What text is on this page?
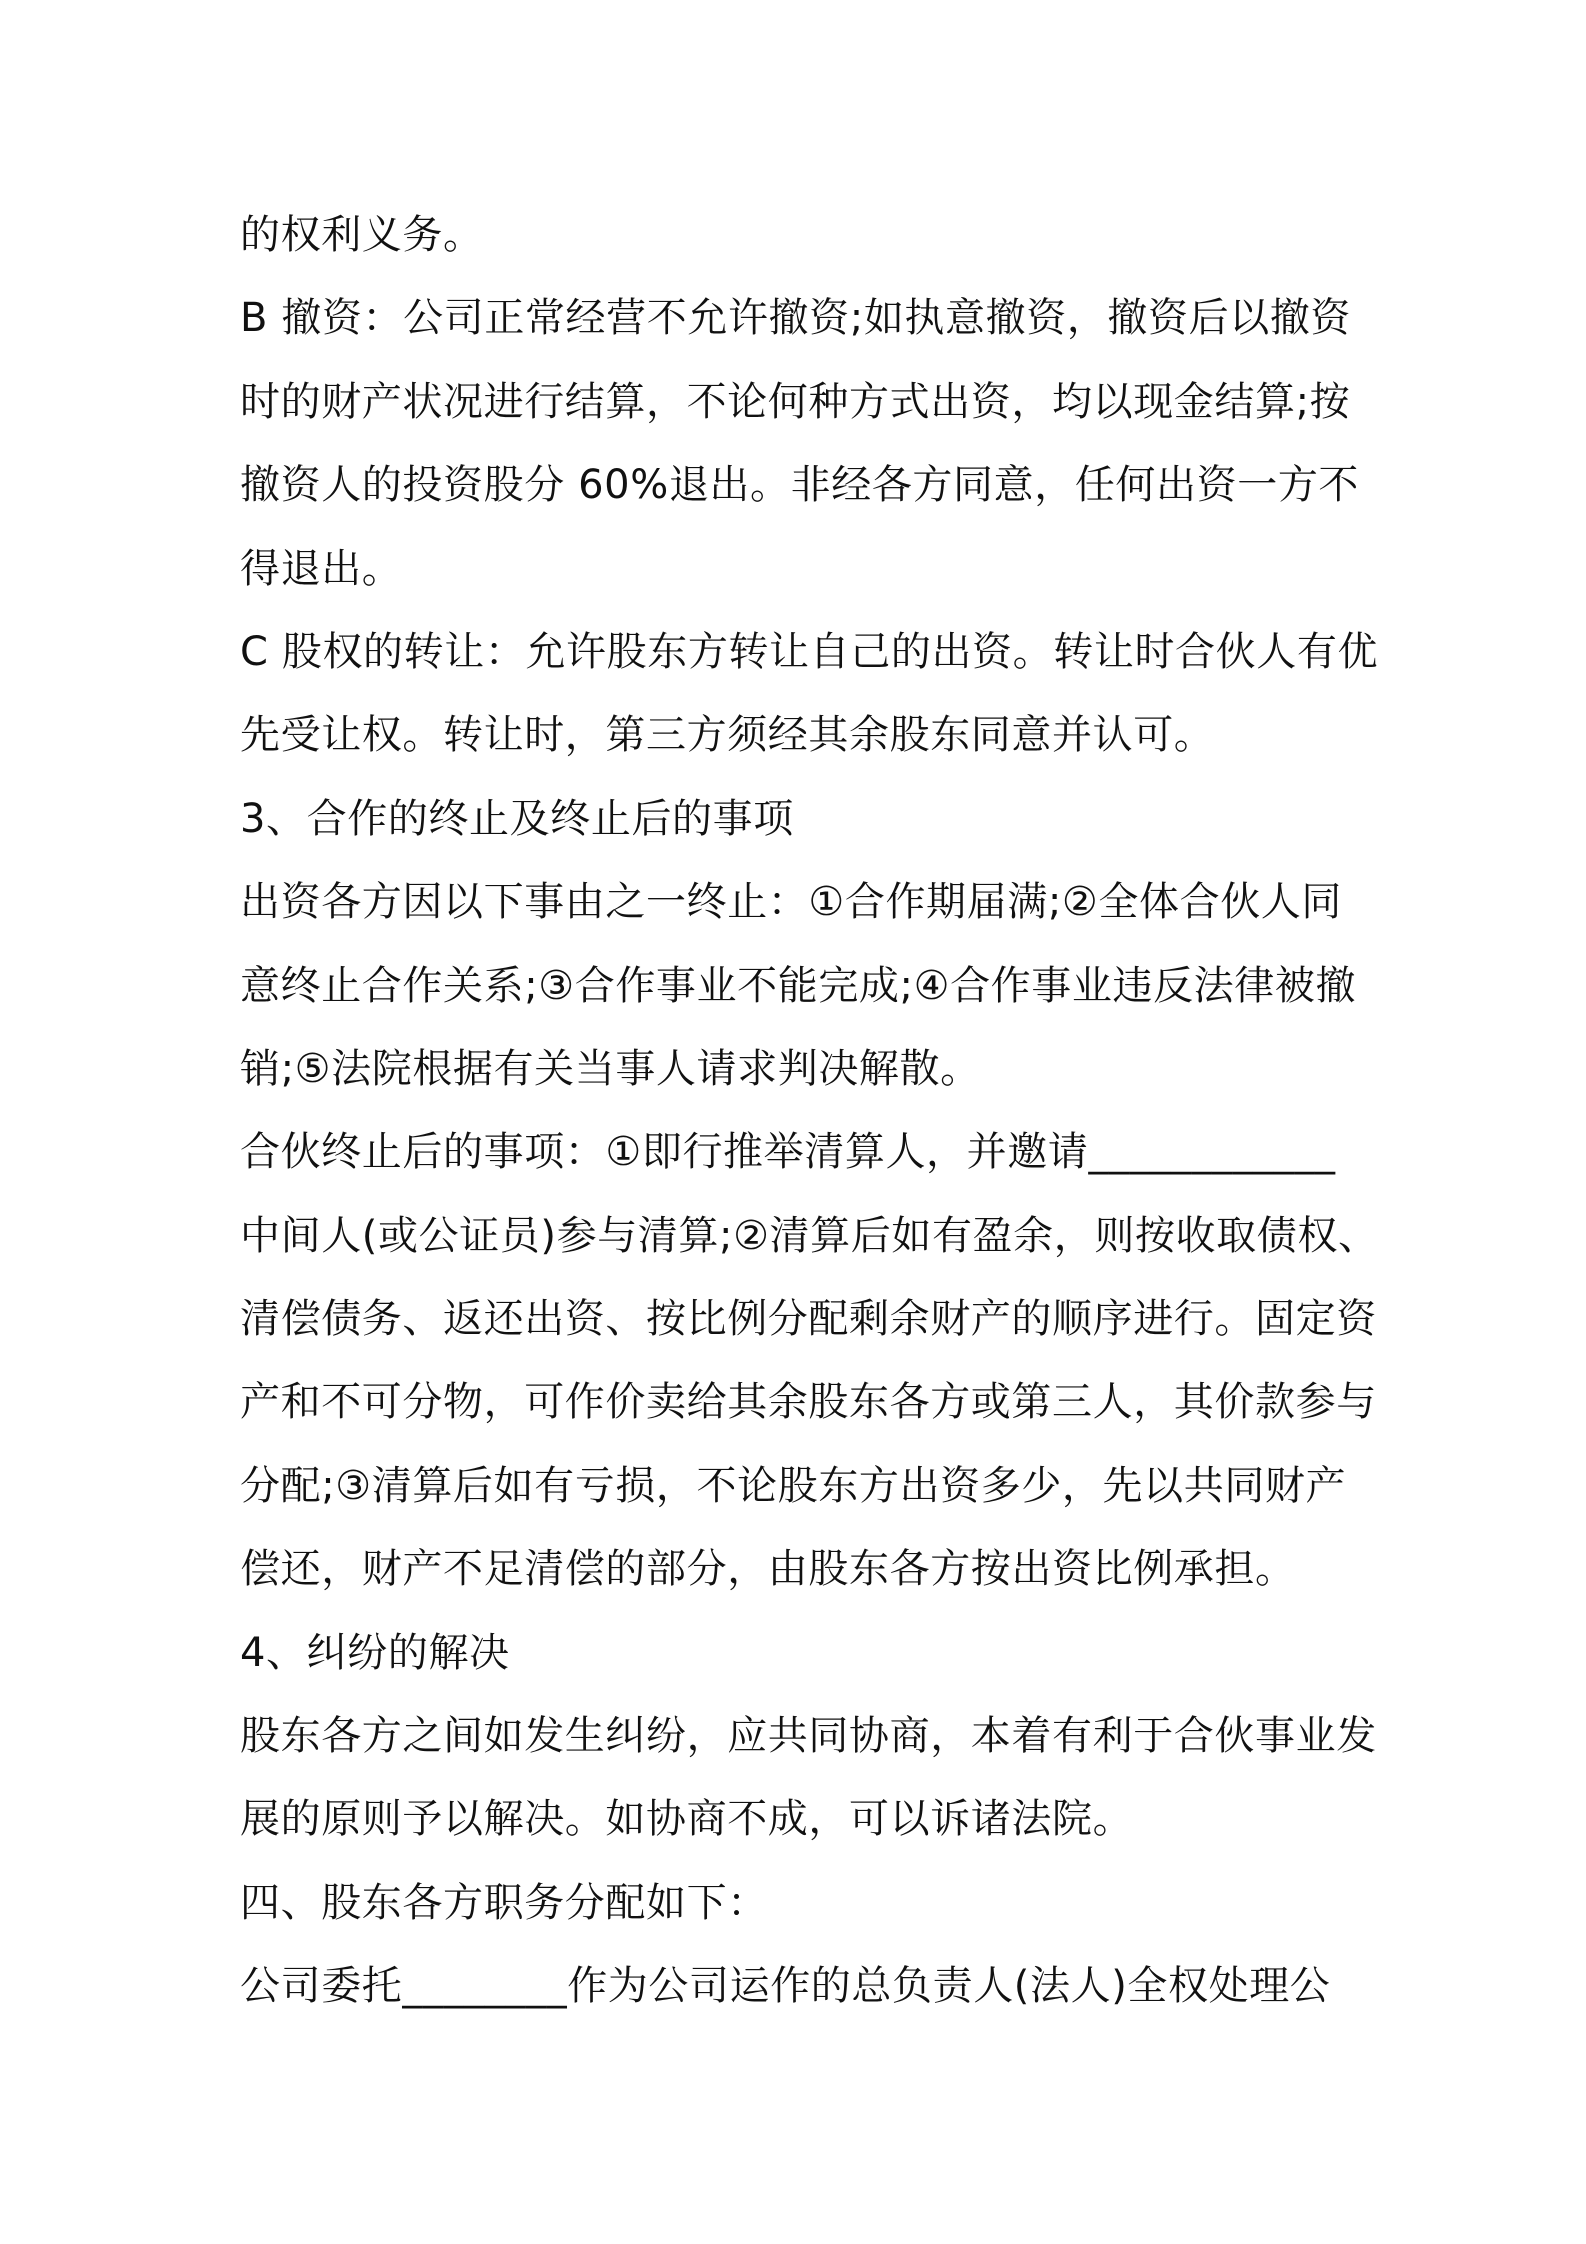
的权利义务。
B 撤资：公司正常经营不允许撤资;如执意撤资，撤资后以撤资
时的财产状况进行结算，不论何种方式出资，均以现金结算;按
撤资人的投资股分 60%退出。非经各方同意，任何出资一方不
得退出。
C 股权的转让：允许股东方转让自己的出资。转让时合伙人有优
先受让权。转让时，第三方须经其余股东同意并认可。
3、合作的终止及终止后的事项
出资各方因以下事由之一终止：①合作期届满;②全体合伙人同
意终止合作关系;③合作事业不能完成;④合作事业违反法律被撤
销;⑤法院根据有关当事人请求判决解散。
合伙终止后的事项：①即行推举清算人，并邀请____________
中间人(或公证员)参与清算;②清算后如有盈余，则按收取债权、
清偿债务、返还出资、按比例分配剩余财产的顺序进行。固定资
产和不可分物，可作价卖给其余股东各方或第三人，其价款参与
分配;③清算后如有亏损，不论股东方出资多少，先以共同财产
偿还，财产不足清偿的部分，由股东各方按出资比例承担。
4、纠纷的解决
股东各方之间如发生纠纷，应共同协商，本着有利于合伙事业发
展的原则予以解决。如协商不成，可以诉诸法院。
四、股东各方职务分配如下：
公司委托________作为公司运作的总负责人(法人)全权处理公
